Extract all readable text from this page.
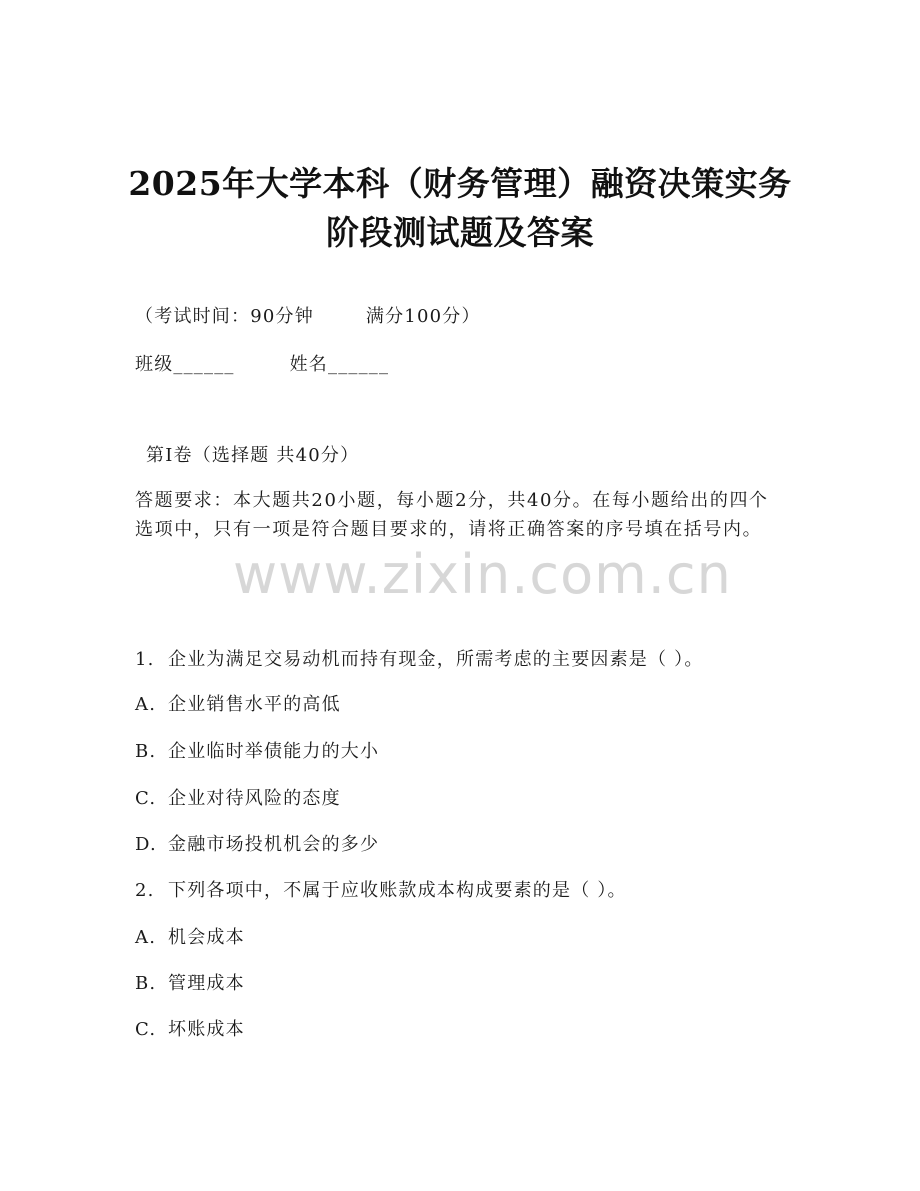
2025年大学本科（财务管理）融资决策实务
阶段测试题及答案
（考试时间：90分钟	满分100分）
班级______	姓名______
第Ⅰ卷（选择题 共40分）
答题要求：本大题共20小题，每小题2分，共40分。在每小题给出的四个选项中，只有一项是符合题目要求的，请将正确答案的序号填在括号内。
www.zixin.com.cn
1. 企业为满足交易动机而持有现金，所需考虑的主要因素是（ ）。
A. 企业销售水平的高低
B. 企业临时举债能力的大小
C. 企业对待风险的态度
D. 金融市场投机机会的多少
2. 下列各项中，不属于应收账款成本构成要素的是（ ）。
A. 机会成本
B. 管理成本
C. 坏账成本
